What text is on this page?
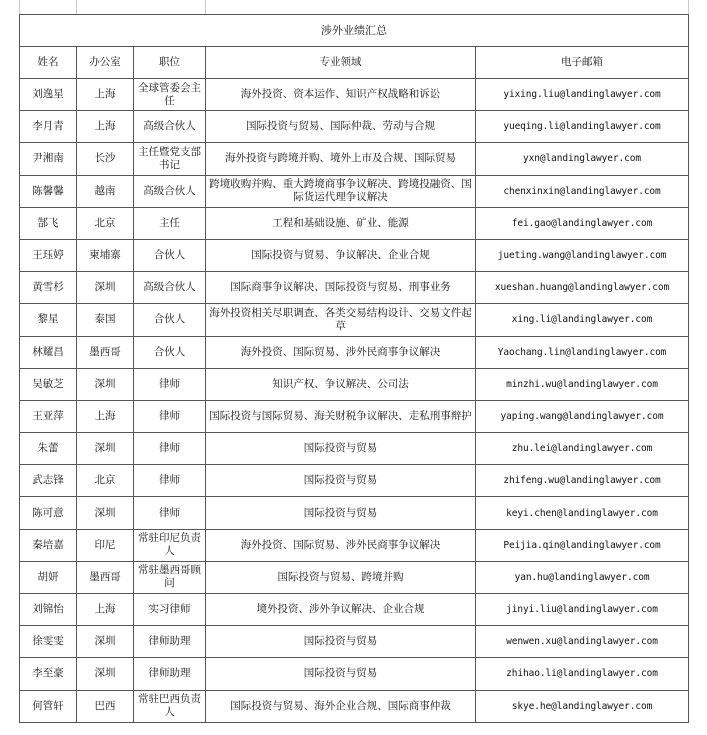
涉外业绩汇总				
姓名	办公室	职位	专业领域	电子邮箱
刘逸星	上海	全球管委会主任	海外投资、资本运作、知识产权战略和诉讼	yixing.liu@landinglawyer.com
李月青	上海	高级合伙人	国际投资与贸易、国际仲裁、劳动与合规	yueqing.li@landinglawyer.com
尹湘南	长沙	主任暨党支部书记	海外投资与跨境并购、境外上市及合规、国际贸易	yxn@landinglawyer.com
陈馨馨	越南	高级合伙人	跨境收购并购、重大跨境商事争议解决、跨境投融资、国际货运代理争议解决	chenxinxin@landinglawyer.com
郜飞	北京	主任	工程和基础设施、矿业、能源	fei.gao@landinglawyer.com
王珏婷	柬埔寨	合伙人	国际投资与贸易、争议解决、企业合规	jueting.wang@landinglawyer.com
黄雪杉	深圳	高级合伙人	国际商事争议解决、国际投资与贸易、刑事业务	xueshan.huang@landinglawyer.com
黎星	泰国	合伙人	海外投资相关尽职调查、各类交易结构设计、交易文件起草	xing.li@landinglawyer.com
林耀昌	墨西哥	合伙人	海外投资、国际贸易、涉外民商事争议解决	Yaochang.lin@landinglawyer.com
吴敏芝	深圳	律师	知识产权、争议解决、公司法	minzhi.wu@landinglawyer.com
王亚萍	上海	律师	国际投资与国际贸易、海关财税争议解决、走私刑事辩护	yaping.wang@landinglawyer.com
朱蕾	深圳	律师	国际投资与贸易	zhu.lei@landinglawyer.com
武志锋	北京	律师	国际投资与贸易	zhifeng.wu@landinglawyer.com
陈可意	深圳	律师	国际投资与贸易	keyi.chen@landinglawyer.com
秦培嘉	印尼	常驻印尼负责人	海外投资、国际贸易、涉外民商事争议解决	Peijia.qin@landinglawyer.com
胡妍	墨西哥	常驻墨西哥顾问	国际投资与贸易、跨境并购	yan.hu@landinglawyer.com
刘锦怡	上海	实习律师	境外投资、涉外争议解决、企业合规	jinyi.liu@landinglawyer.com
徐雯雯	深圳	律师助理	国际投资与贸易	wenwen.xu@landinglawyer.com
李至豪	深圳	律师助理	国际投资与贸易	zhihao.li@landinglawyer.com
何管轩	巴西	常驻巴西负责人	国际投资与贸易、海外企业合规、国际商事仲裁	skye.he@landinglawyer.com
